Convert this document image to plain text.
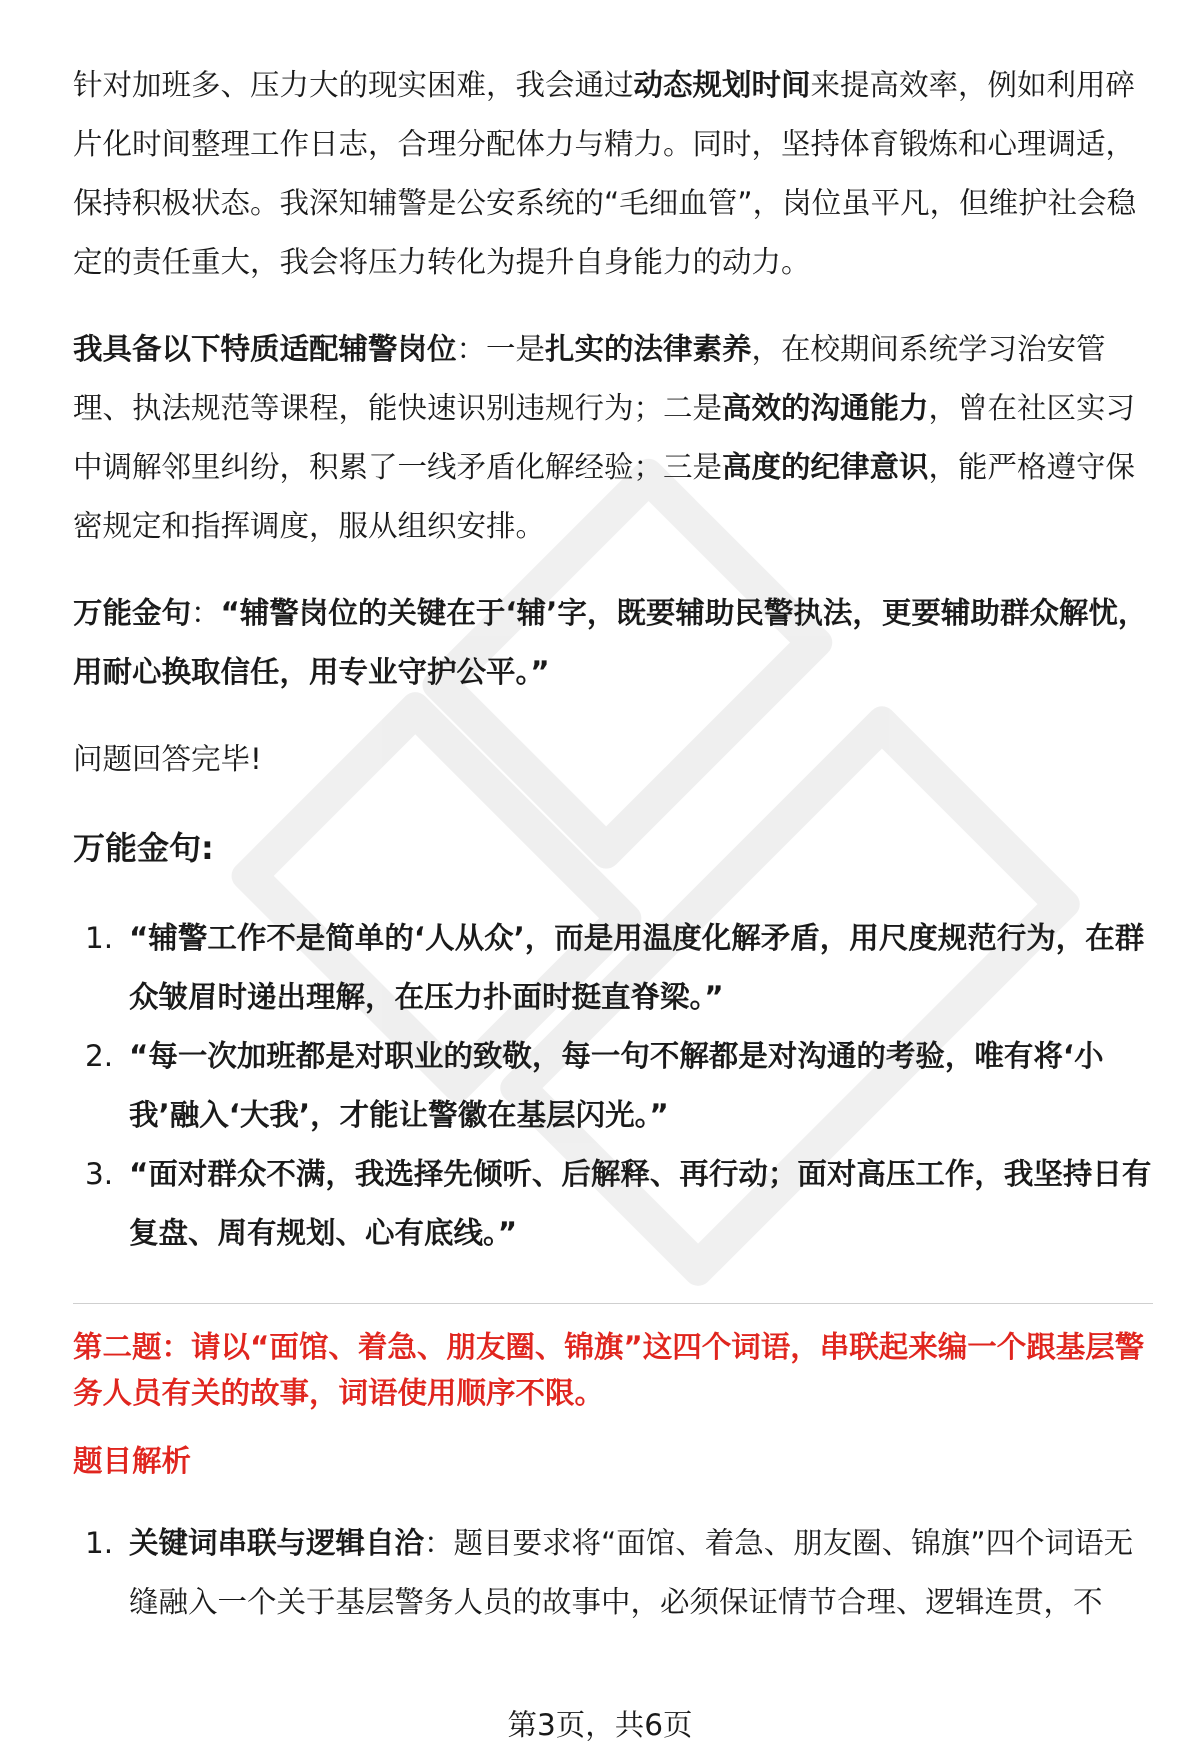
针对加班多、压力大的现实困难，我会通过动态规划时间来提高效率，例如利用碎片化时间整理工作日志，合理分配体力与精力。同时，坚持体育锻炼和心理调适，保持积极状态。我深知辅警是公安系统的“毛细血管”，岗位虽平凡，但维护社会稳定的责任重大，我会将压力转化为提升自身能力的动力。

我具备以下特质适配辅警岗位：一是扎实的法律素养，在校期间系统学习治安管理、执法规范等课程，能快速识别违规行为；二是高效的沟通能力，曾在社区实习中调解邻里纠纷，积累了一线矛盾化解经验；三是高度的纪律意识，能严格遵守保密规定和指挥调度，服从组织安排。

万能金句：“辅警岗位的关键在于‘辅’字，既要辅助民警执法，更要辅助群众解忧，用耐心换取信任，用专业守护公平。”

问题回答完毕!

万能金句:

1. “辅警工作不是简单的‘人从众’，而是用温度化解矛盾，用尺度规范行为，在群众皱眉时递出理解，在压力扑面时挺直脊梁。”
2. “每一次加班都是对职业的致敬，每一句不解都是对沟通的考验，唯有将‘小我’融入‘大我’，才能让警徽在基层闪光。”
3. “面对群众不满，我选择先倾听、后解释、再行动；面对高压工作，我坚持日有复盘、周有规划、心有底线。”

第二题：请以“面馆、着急、朋友圈、锦旗”这四个词语，串联起来编一个跟基层警务人员有关的故事，词语使用顺序不限。

题目解析

1. 关键词串联与逻辑自洽：题目要求将“面馆、着急、朋友圈、锦旗”四个词语无缝融入一个关于基层警务人员的故事中，必须保证情节合理、逻辑连贯，不
第3页，共6页
